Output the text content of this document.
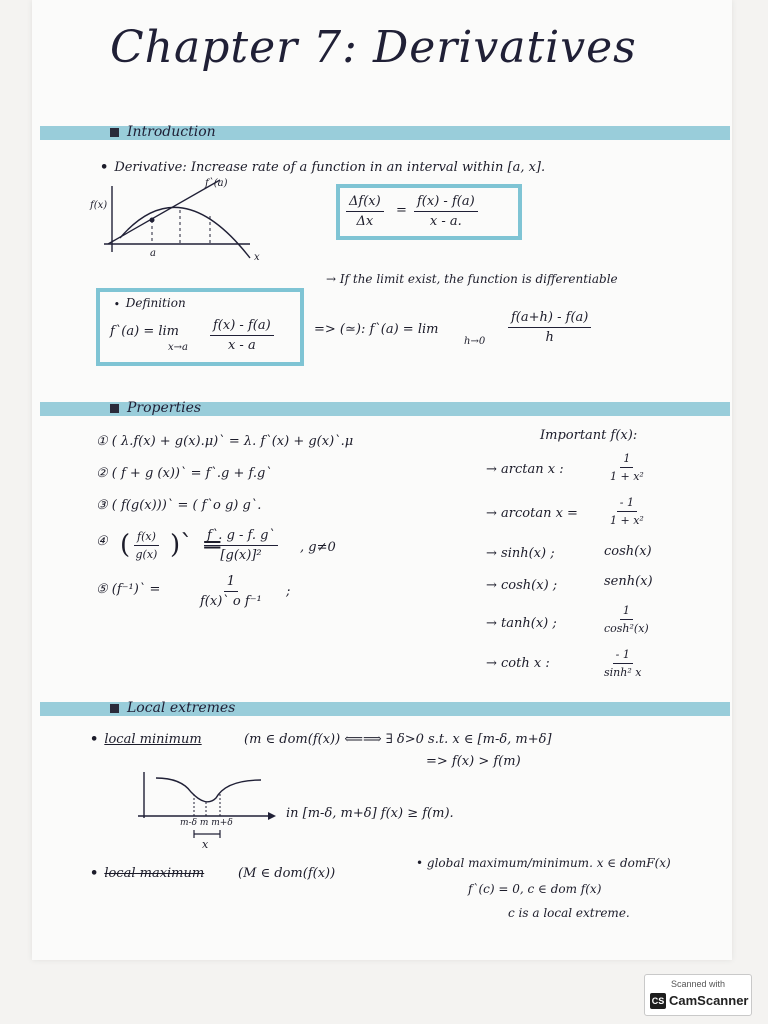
Chapter 7: Derivatives
Introduction
• Derivative: Increase rate of a function in an interval within [a, x].
f`(a)
f(x)
a	x
$\frac{\Delta f(x)}{\Delta x} = \frac{f(x) - f(a)}{x - a.}$
→ If the limit exist, the function is differentiable
• Definition
f`(a) = lim
$x\to a \frac{f(x) - f(a)}{x - a}$	=> (≃): f`(a) = lim
$h\to 0 \frac{f(a+h) - f(a)}{h}$
Properties
① ( λ.f(x) + g(x).μ)` = λ. f`(x) + g(x)`.μ
② ( f + g (x))` = f`.g + f.g`
③ ( f(g(x)))` = ( f`o g) g`.
④ ( $\frac{f(x)}{g(x)}$ )` =
$\frac{f`. g - f. g`}{\text{[g(x)]²}}$ , g≠0
⑤ (f⁻¹)` =	$\frac{1}{\text{f(x)` o f⁻¹}}$ ;
Important f(x):
→ arctan x :	$\frac{1}{\text{1 + x²}}$
→ arcotan x =	$\frac{- 1}{\text{1 + x²}}$
→ sinh(x) ;	cosh(x)
→ cosh(x) ;	senh(x)
→ tanh(x) ;	$\frac{1}{\text{cosh²(x)}}$
→ coth x :	$\frac{- 1}{\text{sinh² x}}$
Local extremes
• local minimum	(m ∈ dom(f(x)) ⟸⟹ ∃ δ>0 s.t. x ∈ [m-δ, m+δ]
=> f(x) > f(m)
m-δ m m+δ
x
in [m-δ, m+δ] f(x) ≥ f(m).
• local maximum	(M ∈ dom(f(x))
• global maximum/minimum. x ∈ domF(x)
f`(c) = 0, c ∈ dom f(x)
c is a local extreme.
Scanned with
CS CamScanner
